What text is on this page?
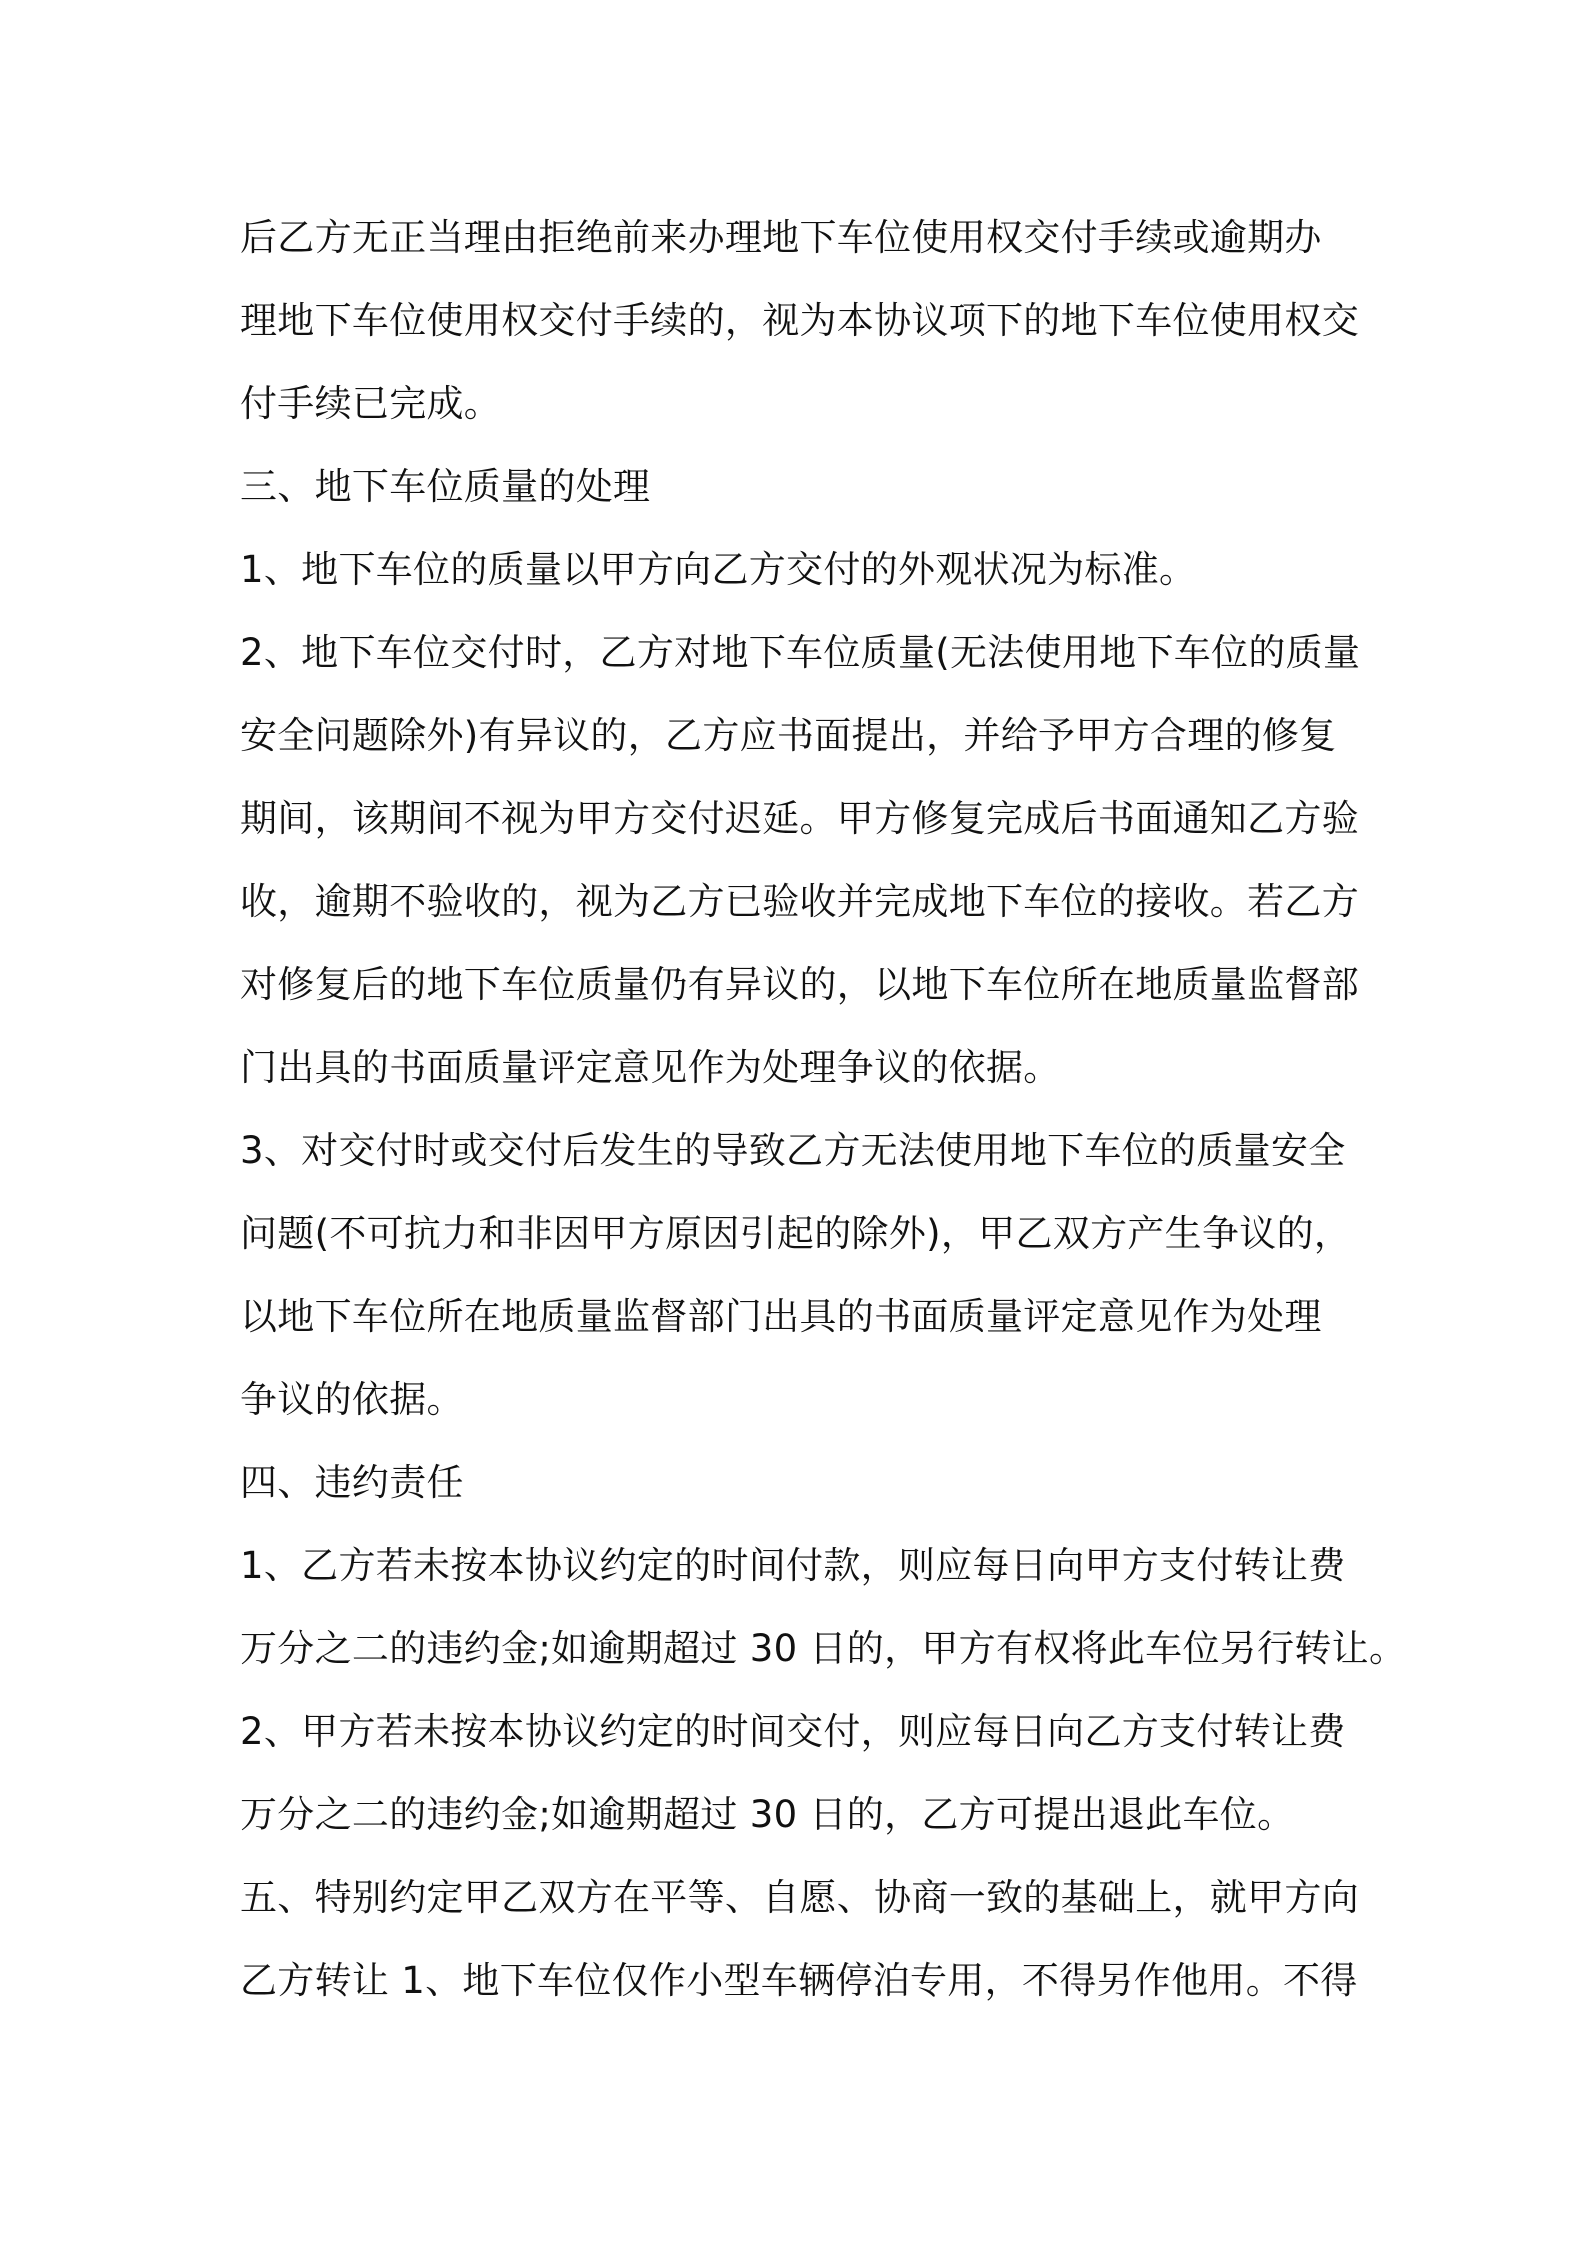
后乙方无正当理由拒绝前来办理地下车位使用权交付手续或逾期办
理地下车位使用权交付手续的，视为本协议项下的地下车位使用权交
付手续已完成。

三、地下车位质量的处理

1、地下车位的质量以甲方向乙方交付的外观状况为标准。

2、地下车位交付时，乙方对地下车位质量(无法使用地下车位的质量
安全问题除外)有异议的，乙方应书面提出，并给予甲方合理的修复
期间，该期间不视为甲方交付迟延。甲方修复完成后书面通知乙方验
收，逾期不验收的，视为乙方已验收并完成地下车位的接收。若乙方
对修复后的地下车位质量仍有异议的，以地下车位所在地质量监督部
门出具的书面质量评定意见作为处理争议的依据。

3、对交付时或交付后发生的导致乙方无法使用地下车位的质量安全
问题(不可抗力和非因甲方原因引起的除外)，甲乙双方产生争议的，
以地下车位所在地质量监督部门出具的书面质量评定意见作为处理
争议的依据。

四、违约责任

1、乙方若未按本协议约定的时间付款，则应每日向甲方支付转让费
万分之二的违约金;如逾期超过 30 日的，甲方有权将此车位另行转让。

2、甲方若未按本协议约定的时间交付，则应每日向乙方支付转让费
万分之二的违约金;如逾期超过 30 日的，乙方可提出退此车位。

五、特别约定甲乙双方在平等、自愿、协商一致的基础上，就甲方向
乙方转让 1、地下车位仅作小型车辆停泊专用，不得另作他用。不得
